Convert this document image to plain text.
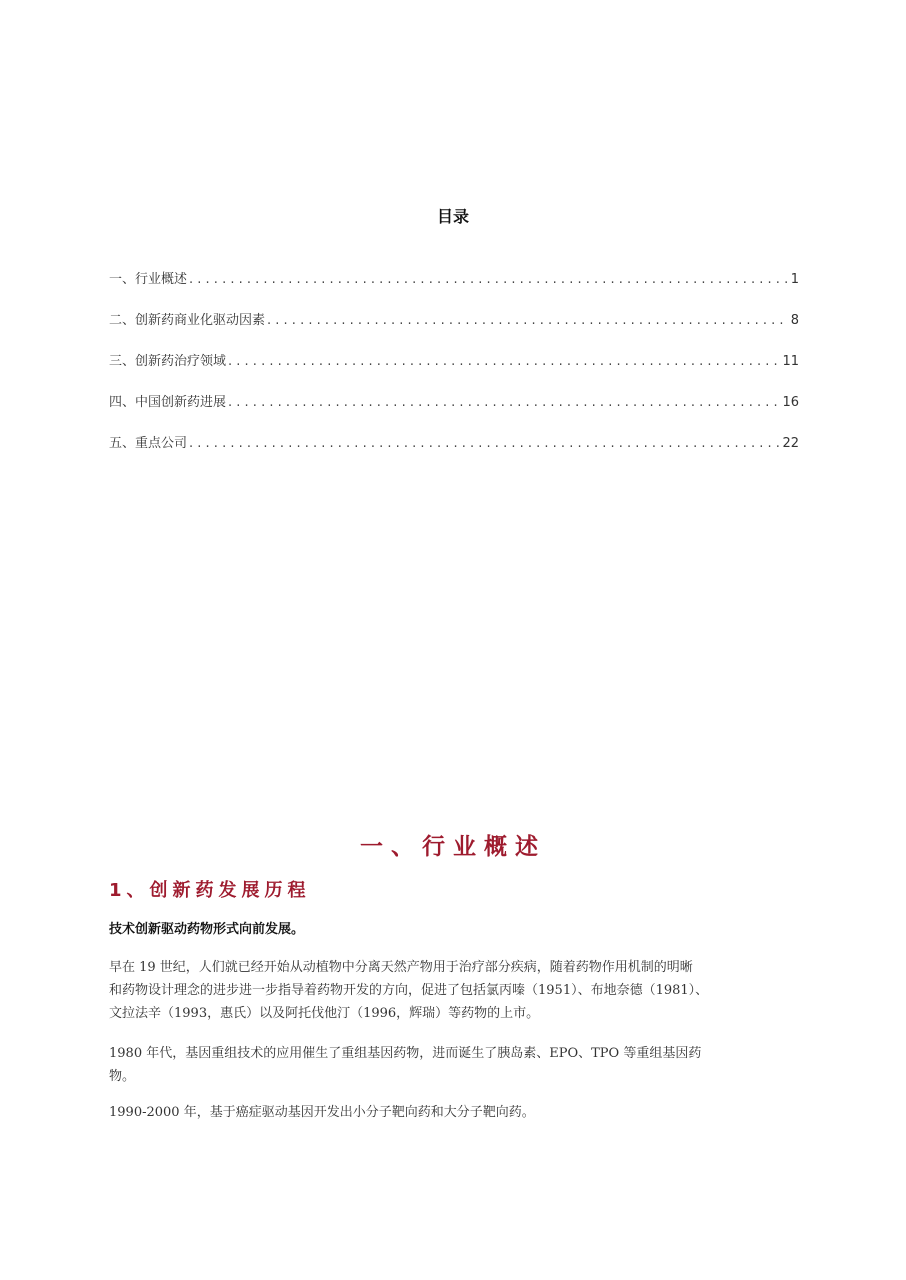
目录
一、行业概述 . . .	1
二、创新药商业化驱动因素 . . .	8
三、创新药治疗领域 . . .	11
四、中国创新药进展 . . .	16
五、重点公司 . . .	22
一、行业概述
1、创新药发展历程
技术创新驱动药物形式向前发展。
早在 19 世纪，人们就已经开始从动植物中分离天然产物用于治疗部分疾病，随着药物作用机制的明晰
和药物设计理念的进步进一步指导着药物开发的方向，促进了包括氯丙嗪（1951）、布地奈德（1981）、
文拉法辛（1993，惠氏）以及阿托伐他汀（1996，辉瑞）等药物的上市。
1980 年代，基因重组技术的应用催生了重组基因药物，进而诞生了胰岛素、EPO、TPO 等重组基因药
物。
1990-2000 年，基于癌症驱动基因开发出小分子靶向药和大分子靶向药。
